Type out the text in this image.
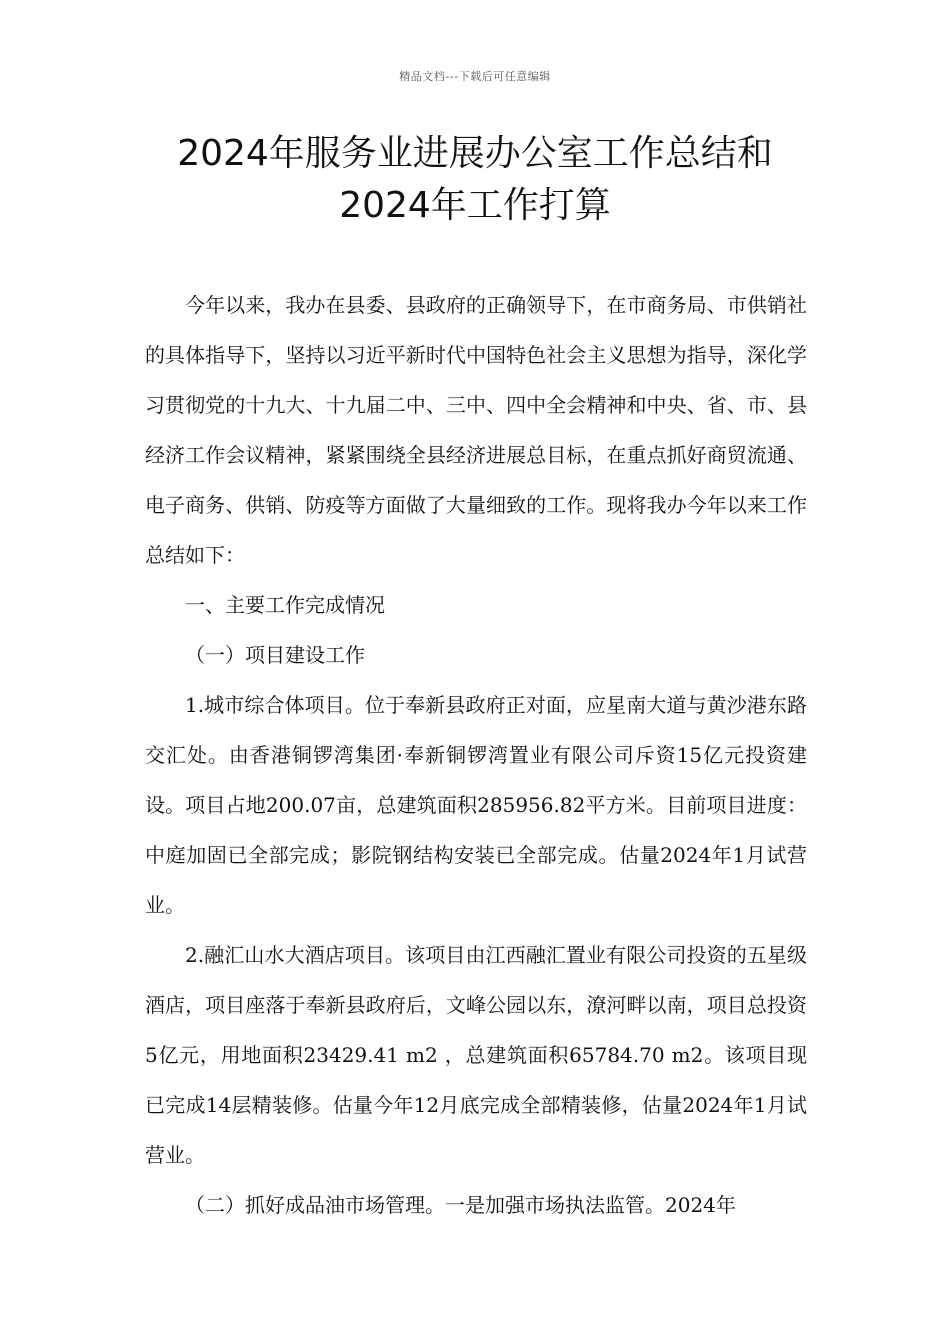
精品文档---下载后可任意编辑
2024年服务业进展办公室工作总结和
2024年工作打算

今年以来，我办在县委、县政府的正确领导下，在市商务局、市供销社的具体指导下，坚持以习近平新时代中国特色社会主义思想为指导，深化学习贯彻党的十九大、十九届二中、三中、四中全会精神和中央、省、市、县经济工作会议精神，紧紧围绕全县经济进展总目标，在重点抓好商贸流通、电子商务、供销、防疫等方面做了大量细致的工作。现将我办今年以来工作总结如下：

一、主要工作完成情况

（一）项目建设工作

1.城市综合体项目。位于奉新县政府正对面，应星南大道与黄沙港东路交汇处。由香港铜锣湾集团·奉新铜锣湾置业有限公司斥资15亿元投资建设。项目占地200.07亩，总建筑面积285956.82平方米。目前项目进度：中庭加固已全部完成；影院钢结构安装已全部完成。估量2024年1月试营业。

2.融汇山水大酒店项目。该项目由江西融汇置业有限公司投资的五星级酒店，项目座落于奉新县政府后，文峰公园以东，潦河畔以南，项目总投资5亿元，用地面积23429.41 m2 ，总建筑面积65784.70 m2。该项目现已完成14层精装修。估量今年12月底完成全部精装修，估量2024年1月试营业。

（二）抓好成品油市场管理。一是加强市场执法监管。2024年
